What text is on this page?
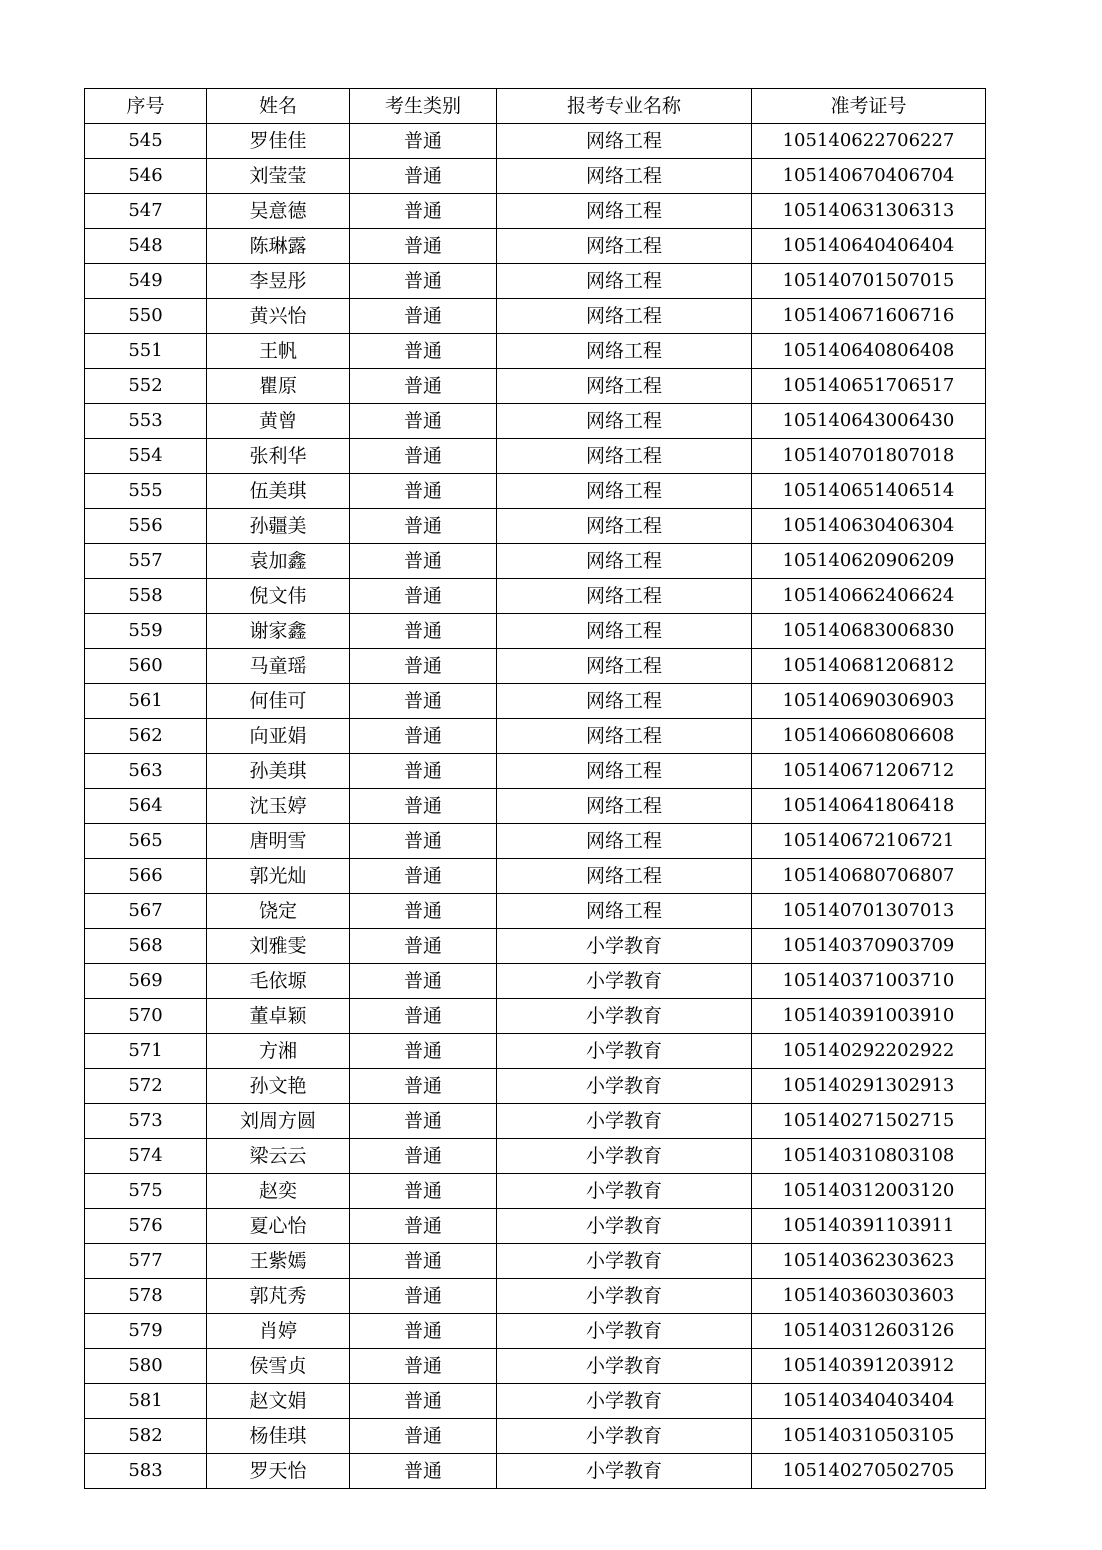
序号	姓名	考生类别	报考专业名称	准考证号
545	罗佳佳	普通	网络工程	105140622706227
546	刘莹莹	普通	网络工程	105140670406704
547	吴意德	普通	网络工程	105140631306313
548	陈琳露	普通	网络工程	105140640406404
549	李昱彤	普通	网络工程	105140701507015
550	黄兴怡	普通	网络工程	105140671606716
551	王帆	普通	网络工程	105140640806408
552	瞿原	普通	网络工程	105140651706517
553	黄曾	普通	网络工程	105140643006430
554	张利华	普通	网络工程	105140701807018
555	伍美琪	普通	网络工程	105140651406514
556	孙疆美	普通	网络工程	105140630406304
557	袁加鑫	普通	网络工程	105140620906209
558	倪文伟	普通	网络工程	105140662406624
559	谢家鑫	普通	网络工程	105140683006830
560	马童瑶	普通	网络工程	105140681206812
561	何佳可	普通	网络工程	105140690306903
562	向亚娟	普通	网络工程	105140660806608
563	孙美琪	普通	网络工程	105140671206712
564	沈玉婷	普通	网络工程	105140641806418
565	唐明雪	普通	网络工程	105140672106721
566	郭光灿	普通	网络工程	105140680706807
567	饶定	普通	网络工程	105140701307013
568	刘雅雯	普通	小学教育	105140370903709
569	毛依塬	普通	小学教育	105140371003710
570	董卓颖	普通	小学教育	105140391003910
571	方湘	普通	小学教育	105140292202922
572	孙文艳	普通	小学教育	105140291302913
573	刘周方圆	普通	小学教育	105140271502715
574	梁云云	普通	小学教育	105140310803108
575	赵奕	普通	小学教育	105140312003120
576	夏心怡	普通	小学教育	105140391103911
577	王紫嫣	普通	小学教育	105140362303623
578	郭芃秀	普通	小学教育	105140360303603
579	肖婷	普通	小学教育	105140312603126
580	侯雪贞	普通	小学教育	105140391203912
581	赵文娟	普通	小学教育	105140340403404
582	杨佳琪	普通	小学教育	105140310503105
583	罗天怡	普通	小学教育	105140270502705
